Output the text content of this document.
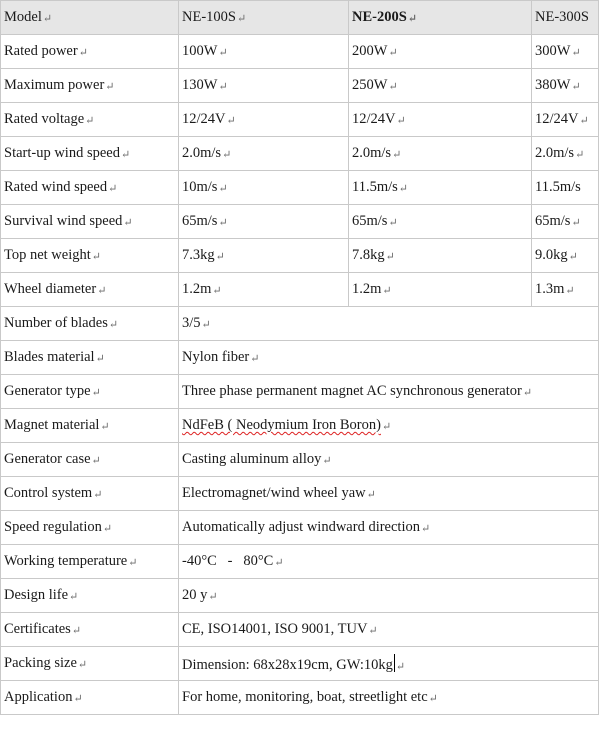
Model↵	NE-100S↵	NE-200S↵	NE-300S
Rated power↵	100W↵	200W↵	300W↵
Maximum power↵	130W↵	250W↵	380W↵
Rated voltage↵	12/24V↵	12/24V↵	12/24V↵
Start-up wind speed↵	2.0m/s↵	2.0m/s↵	2.0m/s↵
Rated wind speed↵	10m/s↵	11.5m/s↵	11.5m/s
Survival wind speed↵	65m/s↵	65m/s↵	65m/s↵
Top net weight↵	7.3kg↵	7.8kg↵	9.0kg↵
Wheel diameter↵	1.2m↵	1.2m↵	1.3m↵
Number of blades↵	3/5↵		
Blades material↵	Nylon fiber↵		
Generator type↵	Three phase permanent magnet AC synchronous generator↵		
Magnet material↵	NdFeB ( Neodymium Iron Boron)↵		
Generator case↵	Casting aluminum alloy↵		
Control system↵	Electromagnet/wind wheel yaw↵		
Speed regulation↵	Automatically adjust windward direction↵		
Working temperature↵	-40°C   -   80°C↵		
Design life↵	20 y↵		
Certificates↵	CE, ISO14001, ISO 9001, TUV↵		
Packing size↵	Dimension: 68x28x19cm, GW:10kg ↵		
Application↵	For home, monitoring, boat, streetlight etc↵		
